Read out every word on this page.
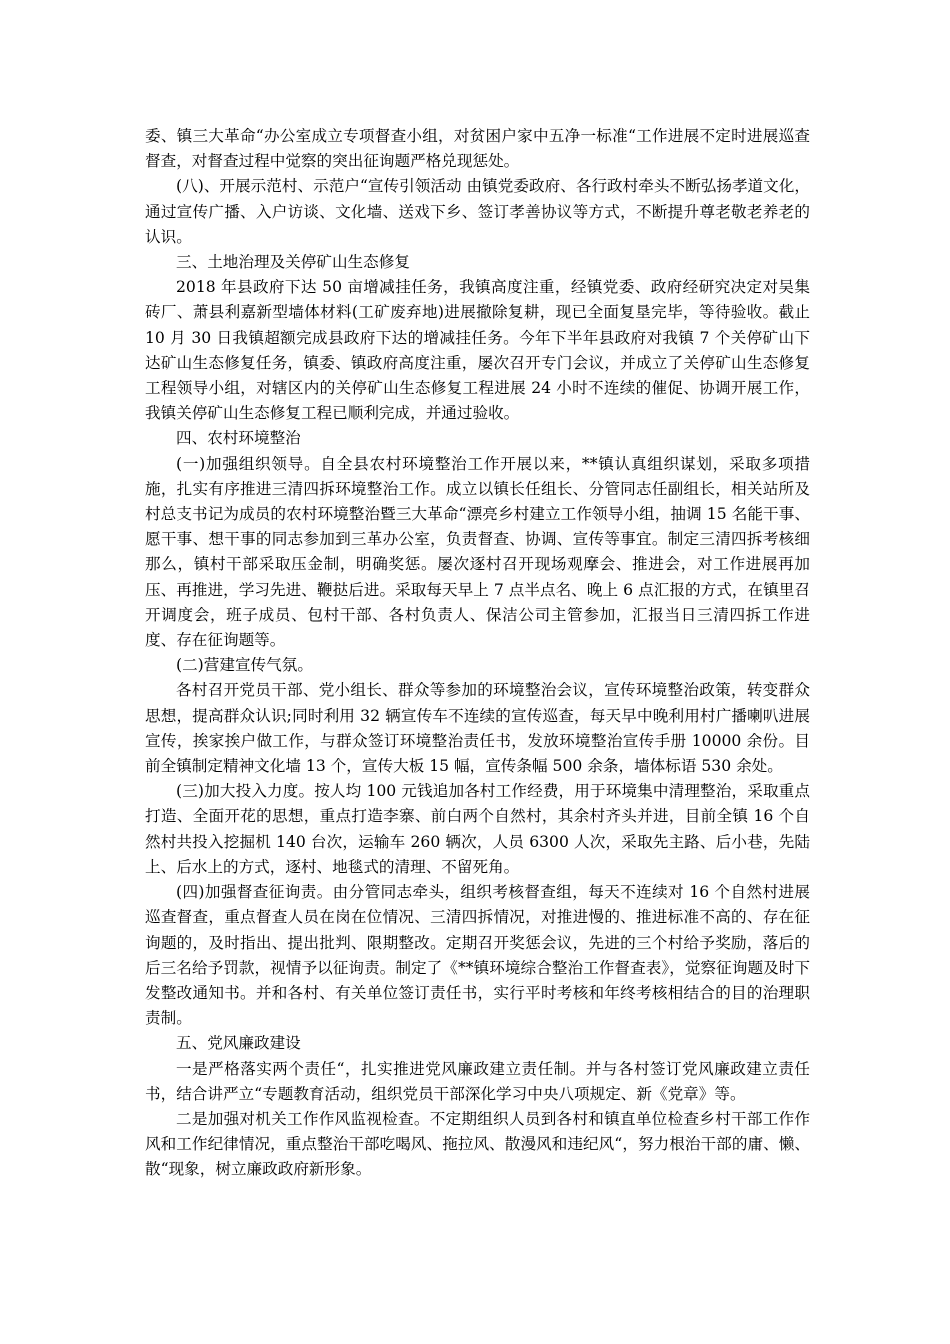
委、镇三大革命“办公室成立专项督查小组，对贫困户家中五净一标准“工作进展不定时进展巡查督查，对督查过程中觉察的突出征询题严格兑现惩处。

(八)、开展示范村、示范户“宣传引领活动 由镇党委政府、各行政村牵头不断弘扬孝道文化，通过宣传广播、入户访谈、文化墙、送戏下乡、签订孝善协议等方式，不断提升尊老敬老养老的认识。

三、土地治理及关停矿山生态修复

2018 年县政府下达 50 亩增减挂任务，我镇高度注重，经镇党委、政府经研究决定对吴集砖厂、萧县利嘉新型墙体材料(工矿废弃地)进展撤除复耕，现已全面复垦完毕，等待验收。截止 10 月 30 日我镇超额完成县政府下达的增减挂任务。今年下半年县政府对我镇 7 个关停矿山下达矿山生态修复任务，镇委、镇政府高度注重，屡次召开专门会议，并成立了关停矿山生态修复工程领导小组，对辖区内的关停矿山生态修复工程进展 24 小时不连续的催促、协调开展工作，我镇关停矿山生态修复工程已顺利完成，并通过验收。

四、农村环境整治

(一)加强组织领导。自全县农村环境整治工作开展以来，**镇认真组织谋划，采取多项措施，扎实有序推进三清四拆环境整治工作。成立以镇长任组长、分管同志任副组长，相关站所及村总支书记为成员的农村环境整治暨三大革命“漂亮乡村建立工作领导小组，抽调 15 名能干事、愿干事、想干事的同志参加到三革办公室，负责督查、协调、宣传等事宜。制定三清四拆考核细那么，镇村干部采取压金制，明确奖惩。屡次逐村召开现场观摩会、推进会，对工作进展再加压、再推进，学习先进、鞭挞后进。采取每天早上 7 点半点名、晚上 6 点汇报的方式，在镇里召开调度会，班子成员、包村干部、各村负责人、保洁公司主管参加，汇报当日三清四拆工作进度、存在征询题等。

(二)营建宣传气氛。

各村召开党员干部、党小组长、群众等参加的环境整治会议，宣传环境整治政策，转变群众思想，提高群众认识;同时利用 32 辆宣传车不连续的宣传巡查，每天早中晚利用村广播喇叭进展宣传，挨家挨户做工作，与群众签订环境整治责任书，发放环境整治宣传手册 10000 余份。目前全镇制定精神文化墙 13 个，宣传大板 15 幅，宣传条幅 500 余条，墙体标语 530 余处。

(三)加大投入力度。按人均 100 元钱追加各村工作经费，用于环境集中清理整治，采取重点打造、全面开花的思想，重点打造李寨、前白两个自然村，其余村齐头并进，目前全镇 16 个自然村共投入挖掘机 140 台次，运输车 260 辆次，人员 6300 人次，采取先主路、后小巷，先陆上、后水上的方式，逐村、地毯式的清理、不留死角。

(四)加强督查征询责。由分管同志牵头，组织考核督查组，每天不连续对 16 个自然村进展巡查督查，重点督查人员在岗在位情况、三清四拆情况，对推进慢的、推进标准不高的、存在征询题的，及时指出、提出批判、限期整改。定期召开奖惩会议，先进的三个村给予奖励，落后的后三名给予罚款，视情予以征询责。制定了《**镇环境综合整治工作督查表》，觉察征询题及时下发整改通知书。并和各村、有关单位签订责任书，实行平时考核和年终考核相结合的目的治理职责制。

五、党风廉政建设

一是严格落实两个责任“，扎实推进党风廉政建立责任制。并与各村签订党风廉政建立责任书，结合讲严立“专题教育活动，组织党员干部深化学习中央八项规定、新《党章》等。

二是加强对机关工作作风监视检查。不定期组织人员到各村和镇直单位检查乡村干部工作作风和工作纪律情况，重点整治干部吃喝风、拖拉风、散漫风和违纪风“，努力根治干部的庸、懒、散“现象，树立廉政政府新形象。
